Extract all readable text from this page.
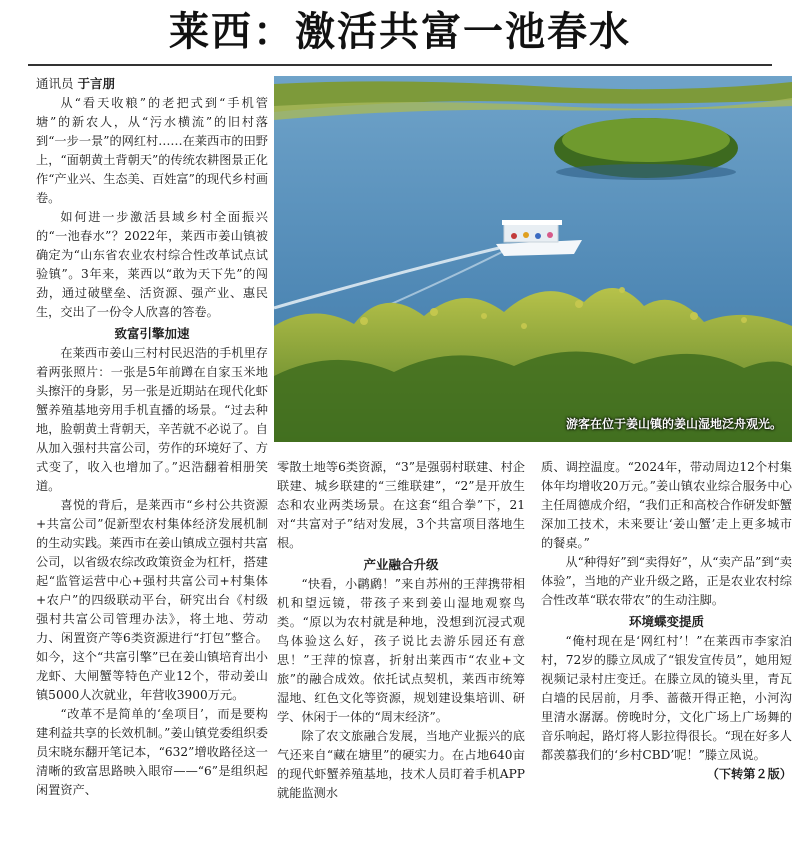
莱西：激活共富一池春水
通讯员 于言朋

从“看天收粮”的老把式到“手机管塘”的新农人，从“污水横流”的旧村落到“一步一景”的网红村……在莱西市的田野上，“面朝黄土背朝天”的传统农耕图景正化作“产业兴、生态美、百姓富”的现代乡村画卷。

如何进一步激活县域乡村全面振兴的“一池春水”？2022年，莱西市姜山镇被确定为“山东省农业农村综合性改革试点试验镇”。3年来，莱西以“敢为天下先”的闯劲，通过破壁垒、活资源、强产业、惠民生，交出了一份令人欣喜的答卷。

致富引擎加速

在莱西市姜山三村村民迟浩的手机里存着两张照片：一张是5年前蹲在自家玉米地头擦汗的身影，另一张是近期站在现代化虾蟹养殖基地旁用手机直播的场景。“过去种地，脸朝黄土背朝天，辛苦就不必说了。自从加入强村共富公司，劳作的环境好了、方式变了，收入也增加了。”迟浩翻着相册笑道。

喜悦的背后，是莱西市“乡村公共资源+共富公司”促新型农村集体经济发展机制的生动实践。莱西市在姜山镇成立强村共富公司，以省级农综改政策资金为杠杆，搭建起“监管运营中心+强村共富公司+村集体+农户”的四级联动平台，研究出台《村级强村共富公司管理办法》，将土地、劳动力、闲置资产等6类资源进行“打包”整合。如今，这个“共富引擎”已在姜山镇培育出小龙虾、大闸蟹等特色产业12个，带动姜山镇5000人次就业，年营收3900万元。

“改革不是简单的‘垒项目’，而是要构建利益共享的长效机制。”姜山镇党委组织委员宋晓东翻开笔记本，“632”增收路径这一清晰的致富思路映入眼帘——“6”是组织起闲置资产、

游客在位于姜山镇的姜山湿地泛舟观光。

零散土地等6类资源，“3”是强弱村联建、村企联建、城乡联建的“三维联建”，“2”是开放生态和农业两类场景。在这套“组合拳”下，21对“共富对子”结对发展，3个共富项目落地生根。

产业融合升级

“快看，小䴙䴘！”来自苏州的王萍携带相机和望远镜，带孩子来到姜山湿地观察鸟类。“原以为农村就是种地，没想到沉浸式观鸟体验这么好，孩子说比去游乐园还有意思！”王萍的惊喜，折射出莱西市“农业+文旅”的融合成效。依托试点契机，莱西市统筹湿地、红色文化等资源，规划建设集培训、研学、休闲于一体的“周末经济”。

除了农文旅融合发展，当地产业振兴的底气还来自“藏在塘里”的硬实力。在占地640亩的现代虾蟹养殖基地，技术人员盯着手机APP就能监测水

质、调控温度。“2024年，带动周边12个村集体年均增收20万元。”姜山镇农业综合服务中心主任周德成介绍，“我们正和高校合作研发虾蟹深加工技术，未来要让‘姜山蟹’走上更多城市的餐桌。”

从“种得好”到“卖得好”，从“卖产品”到“卖体验”，当地的产业升级之路，正是农业农村综合性改革“联农带农”的生动注脚。

环境蝶变提质

“俺村现在是‘网红村’！”在莱西市李家泊村，72岁的滕立凤成了“银发宣传员”，她用短视频记录村庄变迁。在滕立凤的镜头里，青瓦白墙的民居前，月季、蔷薇开得正艳，小河沟里清水潺潺。傍晚时分，文化广场上广场舞的音乐响起，路灯将人影拉得很长。“现在好多人都羡慕我们的‘乡村CBD’呢！”滕立凤说。
（下转第２版）
